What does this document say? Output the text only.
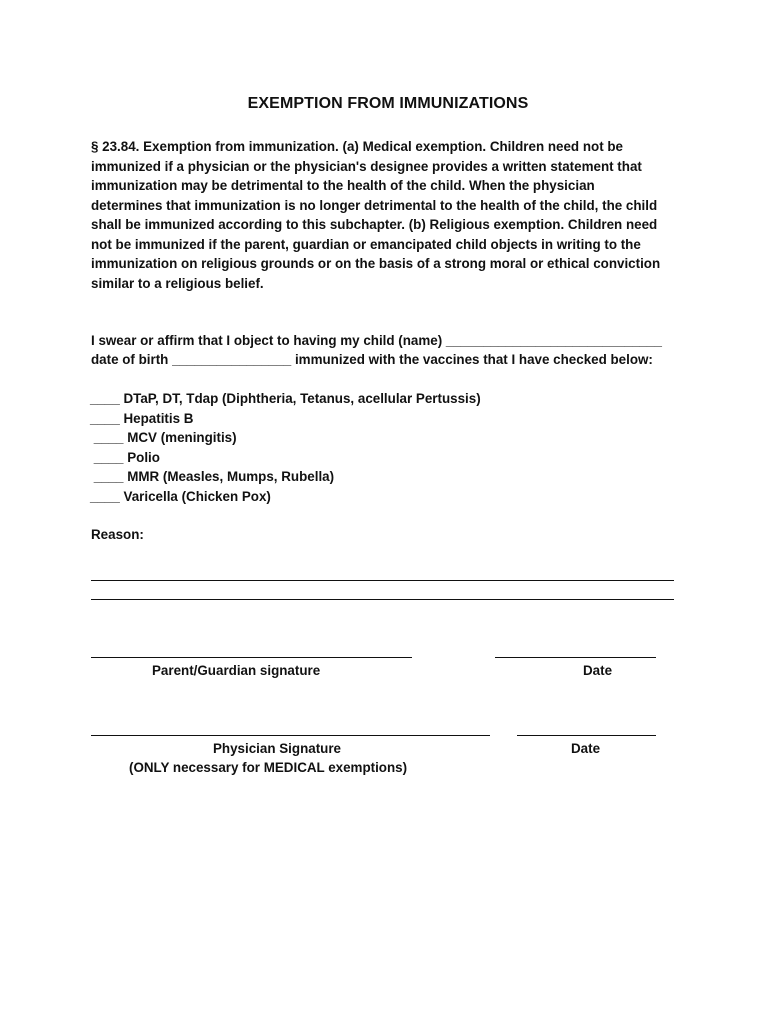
EXEMPTION FROM IMMUNIZATIONS
§ 23.84. Exemption from immunization. (a) Medical exemption. Children need not be
immunized if a physician or the physician's designee provides a written statement that
immunization may be detrimental to the health of the child. When the physician
determines that immunization is no longer detrimental to the health of the child, the child
shall be immunized according to this subchapter. (b) Religious exemption. Children need
not be immunized if the parent, guardian or emancipated child objects in writing to the
immunization on religious grounds or on the basis of a strong moral or ethical conviction
similar to a religious belief.
I swear or affirm that I object to having my child (name) _____________________________
date of birth ________________ immunized with the vaccines that I have checked below:
____ DTaP, DT, Tdap (Diphtheria, Tetanus, acellular Pertussis)
____ Hepatitis B
____ MCV (meningitis)
____ Polio
____ MMR (Measles, Mumps, Rubella)
____ Varicella (Chicken Pox)
Reason:
Parent/Guardian signature	Date
Physician Signature	Date
(ONLY necessary for MEDICAL exemptions)
